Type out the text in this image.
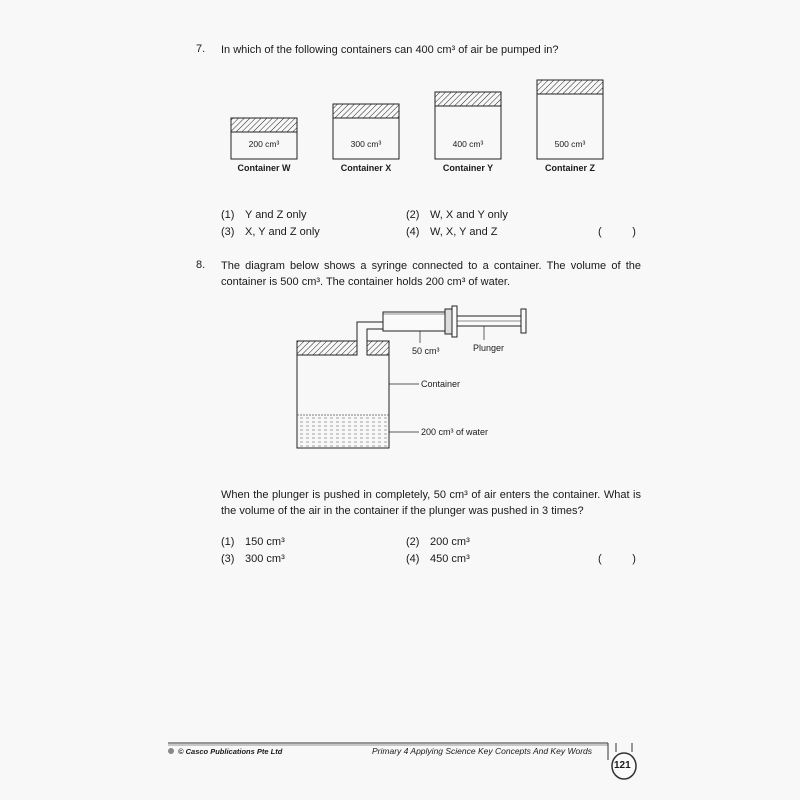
7. In which of the following containers can 400 cm³ of air be pumped in?
200 cm³	300 cm³	400 cm³	500 cm³
Container W	Container X	Container Y	Container Z
(1) Y and Z only	(2) W, X and Y only
(3) X, Y and Z only	(4) W, X, Y and Z	(          )
8. The diagram below shows a syringe connected to a container. The volume of the container is 500 cm³. The container holds 200 cm³ of water.
50 cm³	Plunger
Container
200 cm³ of water
When the plunger is pushed in completely, 50 cm³ of air enters the container. What is the volume of the air in the container if the plunger was pushed in 3 times?
(1) 150 cm³	(2) 200 cm³
(3) 300 cm³	(4) 450 cm³	(          )
© Casco Publications Pte Ltd	Primary 4 Applying Science Key Concepts And Key Words
121
